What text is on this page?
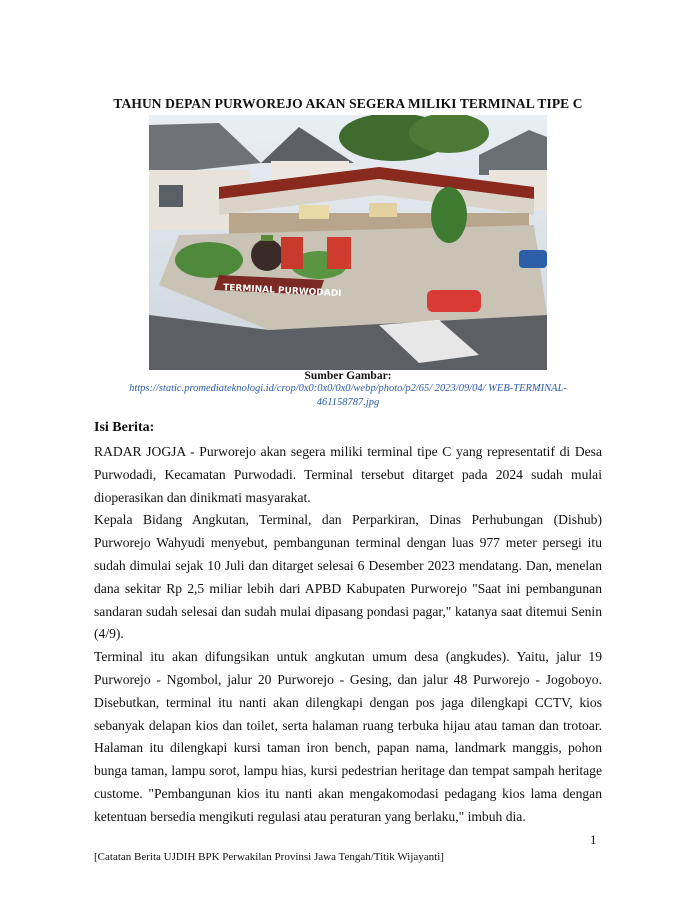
TAHUN DEPAN PURWOREJO AKAN SEGERA MILIKI TERMINAL TIPE C
TERMINAL PURWODADI
Sumber Gambar:
https://static.promediateknologi.id/crop/0x0:0x0/0x0/webp/photo/p2/65/ 2023/09/04/ WEB-TERMINAL-461158787.jpg
Isi Berita:

RADAR JOGJA - Purworejo akan segera miliki terminal tipe C yang representatif di Desa Purwodadi, Kecamatan Purwodadi. Terminal tersebut ditarget pada 2024 sudah mulai dioperasikan dan dinikmati masyarakat.

Kepala Bidang Angkutan, Terminal, dan Perparkiran, Dinas Perhubungan (Dishub) Purworejo Wahyudi menyebut, pembangunan terminal dengan luas 977 meter persegi itu sudah dimulai sejak 10 Juli dan ditarget selesai 6 Desember 2023 mendatang. Dan, menelan dana sekitar Rp 2,5 miliar lebih dari APBD Kabupaten Purworejo "Saat ini pembangunan sandaran sudah selesai dan sudah mulai dipasang pondasi pagar," katanya saat ditemui Senin (4/9).

Terminal itu akan difungsikan untuk angkutan umum desa (angkudes). Yaitu, jalur 19 Purworejo - Ngombol, jalur 20 Purworejo - Gesing, dan jalur 48 Purworejo - Jogoboyo. Disebutkan, terminal itu nanti akan dilengkapi dengan pos jaga dilengkapi CCTV, kios sebanyak delapan kios dan toilet, serta halaman ruang terbuka hijau atau taman dan trotoar. Halaman itu dilengkapi kursi taman iron bench, papan nama, landmark manggis, pohon bunga taman, lampu sorot, lampu hias, kursi pedestrian heritage dan tempat sampah heritage custome. "Pembangunan kios itu nanti akan mengakomodasi pedagang kios lama dengan ketentuan bersedia mengikuti regulasi atau peraturan yang berlaku," imbuh dia.

1
[Catatan Berita UJDIH BPK Perwakilan Provinsi Jawa Tengah/Titik Wijayanti]
